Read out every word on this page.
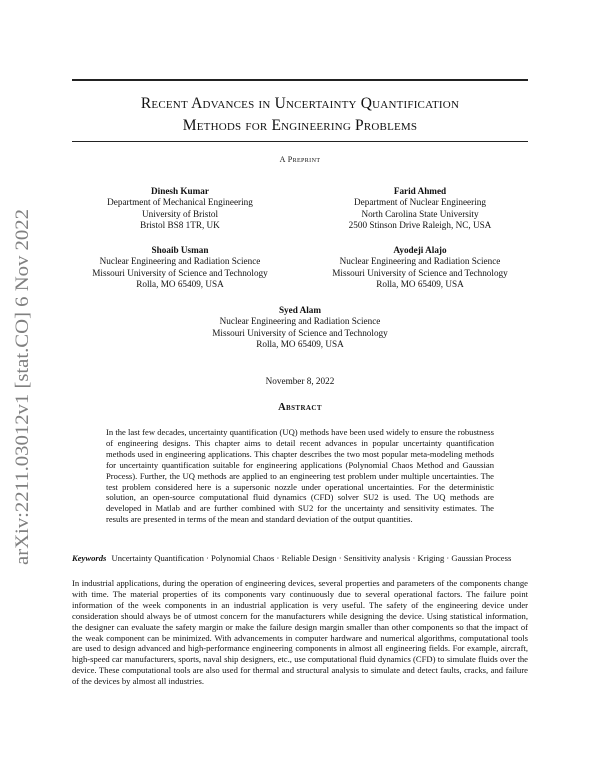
arXiv:2211.03012v1 [stat.CO] 6 Nov 2022
Recent Advances in Uncertainty Quantification
Methods for Engineering Problems
A Preprint
Dinesh Kumar
Department of Mechanical Engineering
University of Bristol
Bristol BS8 1TR, UK
Farid Ahmed
Department of Nuclear Engineering
North Carolina State University
2500 Stinson Drive Raleigh, NC, USA
Shoaib Usman
Nuclear Engineering and Radiation Science
Missouri University of Science and Technology
Rolla, MO 65409, USA
Ayodeji Alajo
Nuclear Engineering and Radiation Science
Missouri University of Science and Technology
Rolla, MO 65409, USA
Syed Alam
Nuclear Engineering and Radiation Science
Missouri University of Science and Technology
Rolla, MO 65409, USA
November 8, 2022
Abstract
In the last few decades, uncertainty quantification (UQ) methods have been used widely to ensure the robustness of engineering designs. This chapter aims to detail recent advances in popular uncertainty quantification methods used in engineering applications. This chapter describes the two most popular meta-modeling methods for uncertainty quantification suitable for engineering applications (Polynomial Chaos Method and Gaussian Process). Further, the UQ methods are applied to an engineering test problem under multiple uncertainties. The test problem considered here is a supersonic nozzle under operational uncertainties. For the deterministic solution, an open-source computational fluid dynamics (CFD) solver SU2 is used. The UQ methods are developed in Matlab and are further combined with SU2 for the uncertainty and sensitivity estimates. The results are presented in terms of the mean and standard deviation of the output quantities.
Keywords Uncertainty Quantification · Polynomial Chaos · Reliable Design · Sensitivity analysis · Kriging · Gaussian Process
In industrial applications, during the operation of engineering devices, several properties and parameters of the components change with time. The material properties of its components vary continuously due to several operational factors. The failure point information of the week components in an industrial application is very useful. The safety of the engineering device under consideration should always be of utmost concern for the manufacturers while designing the device. Using statistical information, the designer can evaluate the safety margin or make the failure design margin smaller than other components so that the impact of the weak component can be minimized. With advancements in computer hardware and numerical algorithms, computational tools are used to design advanced and high-performance engineering components in almost all engineering fields. For example, aircraft, high-speed car manufacturers, sports, naval ship designers, etc., use computational fluid dynamics (CFD) to simulate fluids over the device. These computational tools are also used for thermal and structural analysis to simulate and detect faults, cracks, and failure of the devices by almost all industries.
